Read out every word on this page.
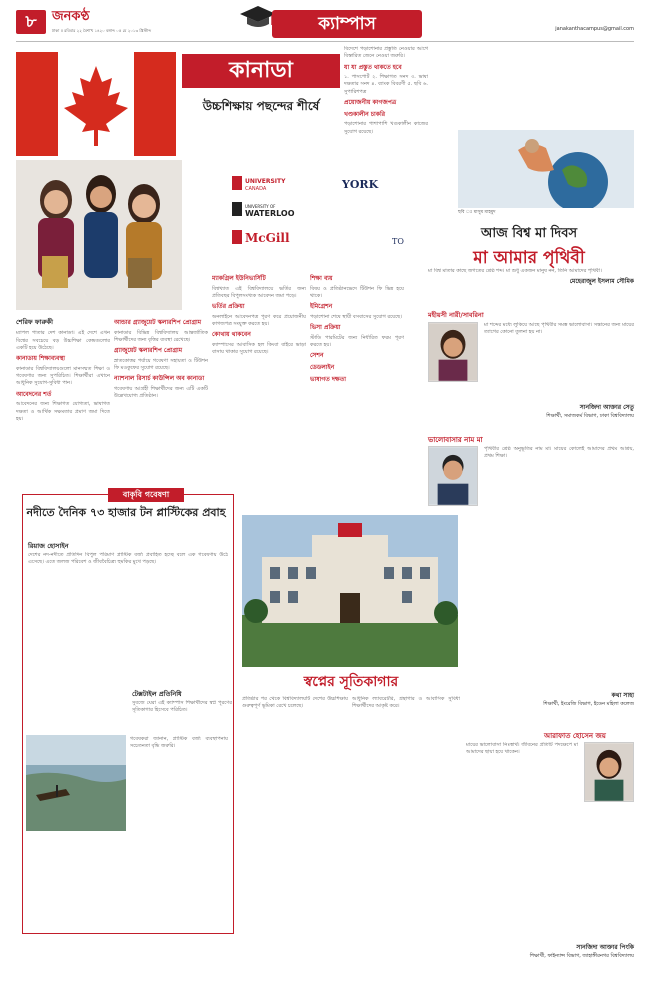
৮	জনকণ্ঠ
ঢাকা ॥ রবিবার ২২ বৈশাখ ১৪২০ বঙ্গাব্দ ০৫ মে ২০১৩ খ্রিস্টাব্দ	ক্যাম্পাস	janakanthacampus@gmail.com
কানাডা
উচ্চশিক্ষায় পছন্দের শীর্ষে
UNIVERSITY
CANADA	YORK
UNIVERSITY OF
WATERLOO
McGill	TO
শেরিফ ফারুকী

ম্যাপল পাতার দেশ কানাডা। এই দেশে এখন বিশ্বের সবচেয়ে বড় উচ্চশিক্ষা কেন্দ্রগুলোর একটি হয়ে উঠেছে।

কানাডায় শিক্ষাব্যবস্থা

কানাডার বিশ্ববিদ্যালয়গুলো মানসম্মত শিক্ষা ও গবেষণার জন্য সুপরিচিত। শিক্ষার্থীরা এখানে আধুনিক সুযোগ-সুবিধা পান।

আবেদনের শর্ত

আবেদনের জন্য শিক্ষাগত যোগ্যতা, ভাষাগত দক্ষতা ও আর্থিক সক্ষমতার প্রমাণ জমা দিতে হয়।

আন্ডার গ্র্যাজুয়েট স্কলারশিপ প্রোগ্রাম

কানাডার বিভিন্ন বিশ্ববিদ্যালয় আন্তর্জাতিক শিক্ষার্থীদের জন্য বৃত্তির ব্যবস্থা রেখেছে।

গ্র্যাজুয়েট স্কলারশিপ প্রোগ্রাম

স্নাতকোত্তর পর্যায়ে গবেষণা সহায়তা ও টিউশন ফি মওকুফের সুযোগ রয়েছে।

ন্যাশনাল রিসার্চ কাউন্সিল অব কানাডা

গবেষণায় আগ্রহী শিক্ষার্থীদের জন্য এটি একটি উল্লেখযোগ্য প্রতিষ্ঠান।

ম্যাকগ্রিল ইউনিভার্সিটি

বিশ্বখ্যাত এই বিশ্ববিদ্যালয়ে ভর্তির জন্য প্রতিবছর বিপুলসংখ্যক আবেদন জমা পড়ে।

ভর্তির প্রক্রিয়া

অনলাইনে আবেদনপত্র পূরণ করে প্রয়োজনীয় কাগজপত্র সংযুক্ত করতে হয়।

কোথায় থাকবেন

ক্যাম্পাসের আবাসিক হল কিংবা বাইরে ভাড়া বাসায় থাকার সুযোগ রয়েছে।

শিক্ষা ব্যয়

বিষয় ও প্রতিষ্ঠানভেদে টিউশন ফি ভিন্ন হয়ে থাকে।

ইমিগ্রেশন

পড়াশোনা শেষে স্থায়ী বসবাসের সুযোগ রয়েছে।

ভিসা প্রক্রিয়া

স্টাডি পারমিটের জন্য নির্ধারিত ফরম পূরণ করতে হয়।

সেশন
ডেডলাইন
ভাষাগত দক্ষতা

বিদেশে পড়াশোনার প্রস্তুতি নেওয়ার আগে বিস্তারিত জেনে নেওয়া জরুরি।

যা যা প্রস্তুত থাকতে হবে

১. পাসপোর্ট ২. শিক্ষাগত সনদ ৩. ভাষা দক্ষতার সনদ ৪. ব্যাংক বিবরণী ৫. ছবি ৬. সুপারিশপত্র

প্রয়োজনীয় কাগজপত্র
খণ্ডকালীন চাকরি

পড়াশোনার পাশাপাশি খণ্ডকালীন কাজের সুযোগ রয়েছে।

ছবি ঃ মাসুম মাহমুদ
আজ বিশ্ব মা দিবস
মা আমার পৃথিবী

মা বিশ্ব মাতার কাছে জগতের শ্রেষ্ঠ শব্দ। মা শুধু একজন মানুষ নন, তিনি আমাদের পৃথিবী।

মেহেরাজুল ইসলাম সৌমিক
মহীয়সী নারী/সাবরিনা

মা শব্দের মধ্যে লুকিয়ে আছে পৃথিবীর সমস্ত ভালোবাসা। সন্তানের জন্য মায়ের ত্যাগের কোনো তুলনা হয় না।

সানজিদা আক্তার সেতু
শিক্ষার্থী, সমাজকর্ম বিভাগ, ঢাকা বিশ্ববিদ্যালয়
ভালোবাসার নাম মা

পৃথিবীর শ্রেষ্ঠ অনুভূতির নাম মা। মায়ের কোলেই আমাদের প্রথম আশ্রয়, প্রথম শিক্ষা।

কথা সাহা
শিক্ষার্থী, ইংরেজি বিভাগ, ইডেন মহিলা কলেজ
আরাফাত হোসেন জয়

মায়ের ভালোবাসা নিঃস্বার্থ। জীবনের প্রতিটি পদক্ষেপে মা আমাদের ছায়া হয়ে থাকেন।

সানজিদা আক্তার পিংকি
শিক্ষার্থী, ফাইন্যান্স বিভাগ, জাহাঙ্গীরনগর বিশ্ববিদ্যালয়
বাকৃবি গবেষণা
নদীতে দৈনিক ৭৩ হাজার টন প্লাস্টিকের প্রবাহ
রিয়াজ হোসাইন

দেশের নদ-নদীতে প্রতিদিন বিপুল পরিমাণ প্লাস্টিক বর্জ্য প্রবাহিত হচ্ছে বলে এক গবেষণায় উঠে এসেছে। এতে জলজ পরিবেশ ও জীববৈচিত্র্য হুমকির মুখে পড়ছে।

গবেষকরা জানান, প্লাস্টিক বর্জ্য ব্যবস্থাপনায় সচেতনতা বৃদ্ধি জরুরি।

স্বপ্নের সূতিকাগার
টেক্সটাইল প্রতিনিধি

সুবজে ঘেরা এই ক্যাম্পাস শিক্ষার্থীদের স্বপ্ন পূরণের সূতিকাগার হিসেবে পরিচিত।

প্রতিষ্ঠার পর থেকে বিশ্ববিদ্যালয়টি দেশের উচ্চশিক্ষায় গুরুত্বপূর্ণ ভূমিকা রেখে চলেছে।

আধুনিক ল্যাবরেটরি, গ্রন্থাগার ও আবাসিক সুবিধা শিক্ষার্থীদের আকৃষ্ট করে।
